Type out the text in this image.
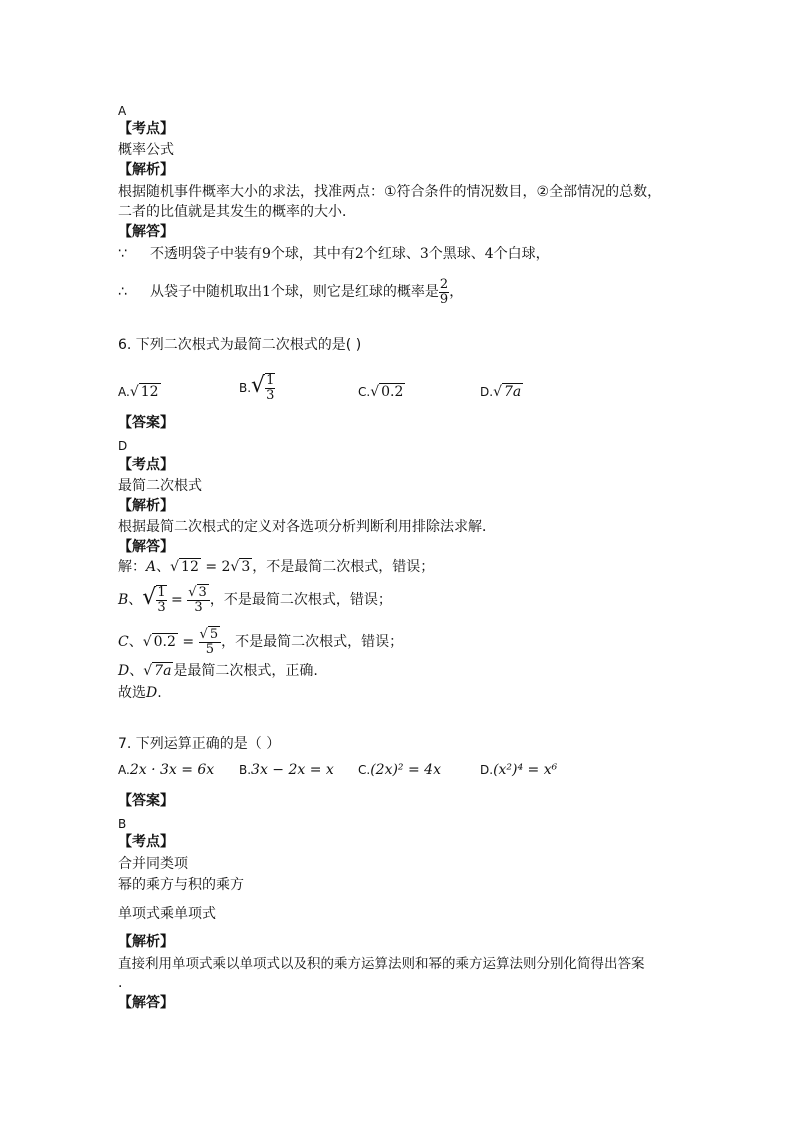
A
【考点】
概率公式
【解析】
根据随机事件概率大小的求法，找准两点：①符合条件的情况数目，②全部情况的总数，
二者的比值就是其发生的概率的大小．
【解答】
∵ 不透明袋子中装有9个球，其中有2个红球、3个黑球、4个白球，
∴ 从袋子中随机取出1个球，则它是红球的概率是 $\frac{2}{9}$ ，
6. 下列二次根式为最简二次根式的是( )
A.√ 12	$B.√ \frac{1}{3}$	C.√ 0.2	D.√ 7a
【答案】
D
【考点】
最简二次根式
【解析】
根据最简二次根式的定义对各选项分析判断利用排除法求解．
【解答】
解：A、√ 12 = 2√ 3 ，不是最简二次根式，错误；
B、√ $\frac{1}{3} = \frac{√ 3}{3}$ ，不是最简二次根式，错误；
C、√ $0.2 = \frac{√ 5}{5}$ ，不是最简二次根式，错误；
D、√ 7a 是最简二次根式，正确.
故选D.
7. 下列运算正确的是（ ）
A.2x · 3x = 6x B.3x − 2x = x C.(2x)² = 4x	D.(x²)⁴ = x⁶
【答案】
B
【考点】
合并同类项
幂的乘方与积的乘方
单项式乘单项式
【解析】
直接利用单项式乘以单项式以及积的乘方运算法则和幂的乘方运算法则分别化简得出答案
.
【解答】
